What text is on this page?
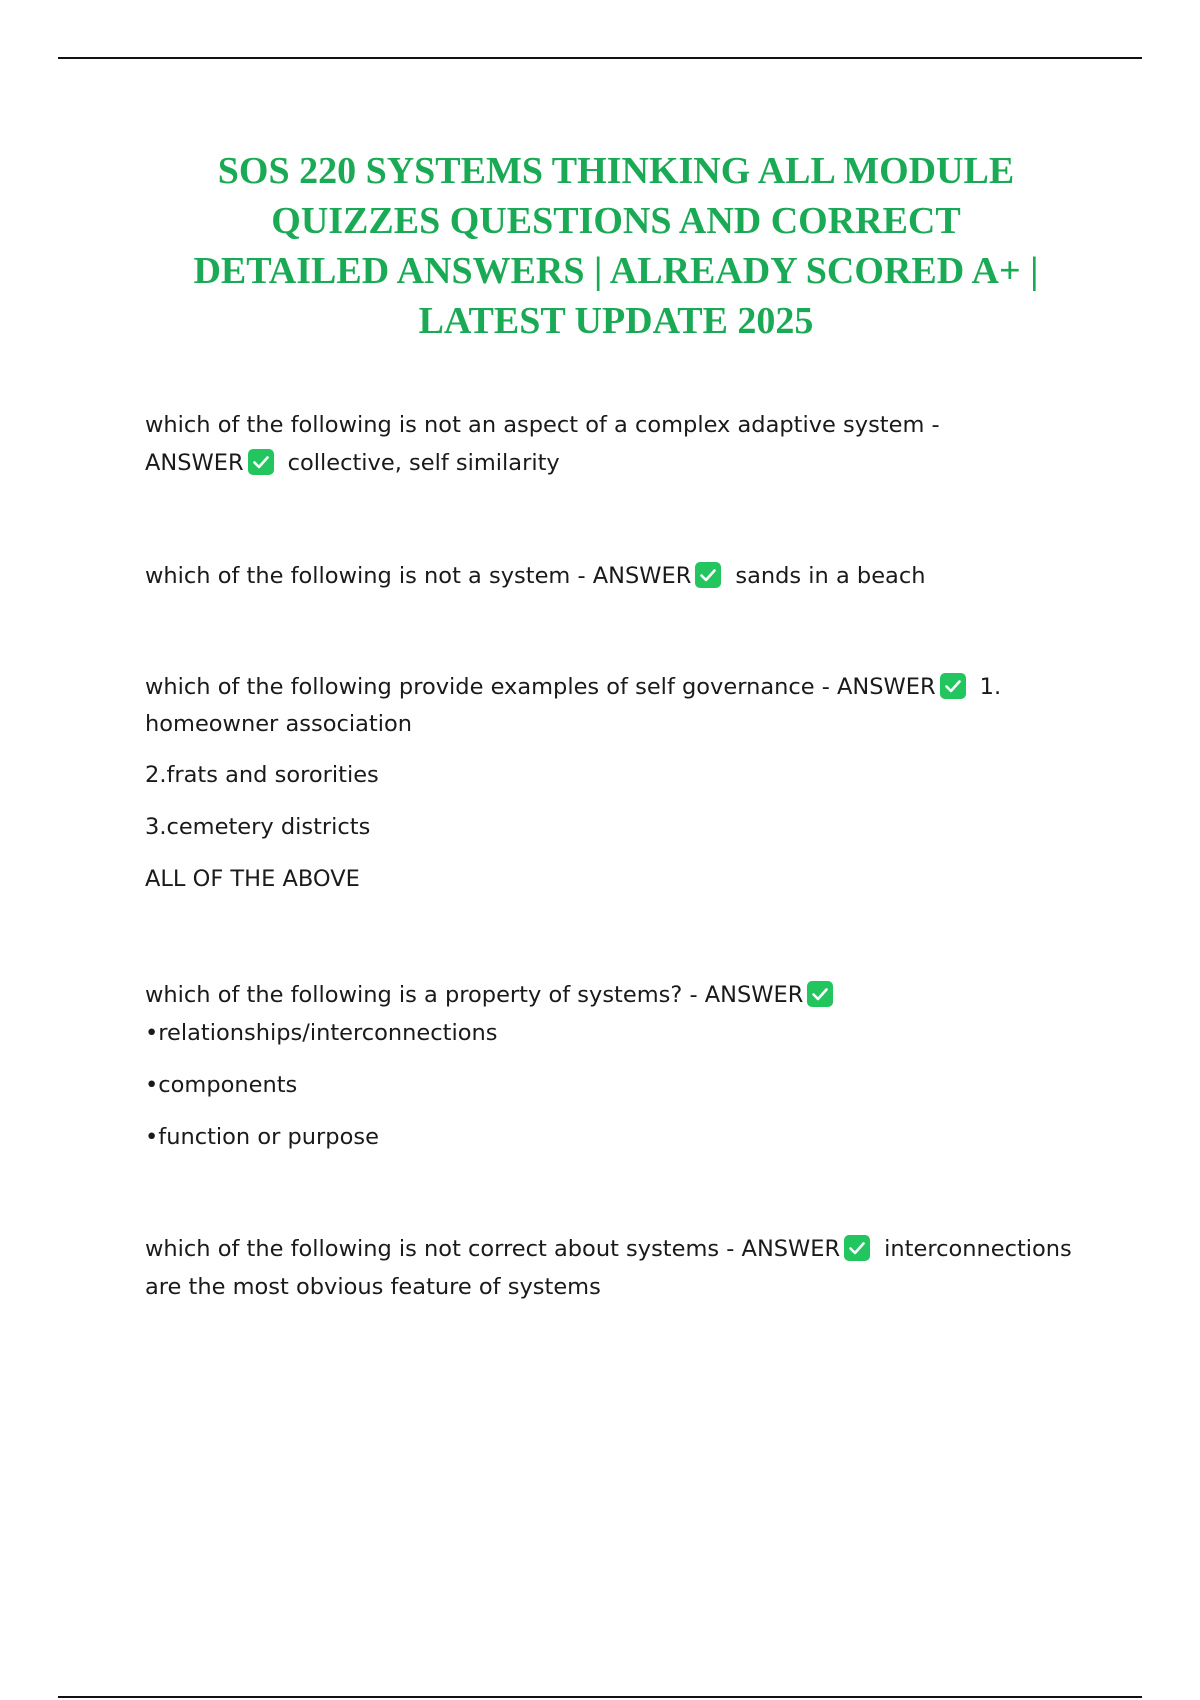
SOS 220 SYSTEMS THINKING ALL MODULE
QUIZZES QUESTIONS AND CORRECT
DETAILED ANSWERS | ALREADY SCORED A+ |
LATEST UPDATE 2025
which of the following is not an aspect of a complex adaptive system -
ANSWER collective, self similarity
which of the following is not a system - ANSWER sands in a beach
which of the following provide examples of self governance - ANSWER 1.
homeowner association
2.frats and sororities
3.cemetery districts
ALL OF THE ABOVE
which of the following is a property of systems? - ANSWER
•relationships/interconnections
•components
•function or purpose
which of the following is not correct about systems - ANSWER interconnections
are the most obvious feature of systems
